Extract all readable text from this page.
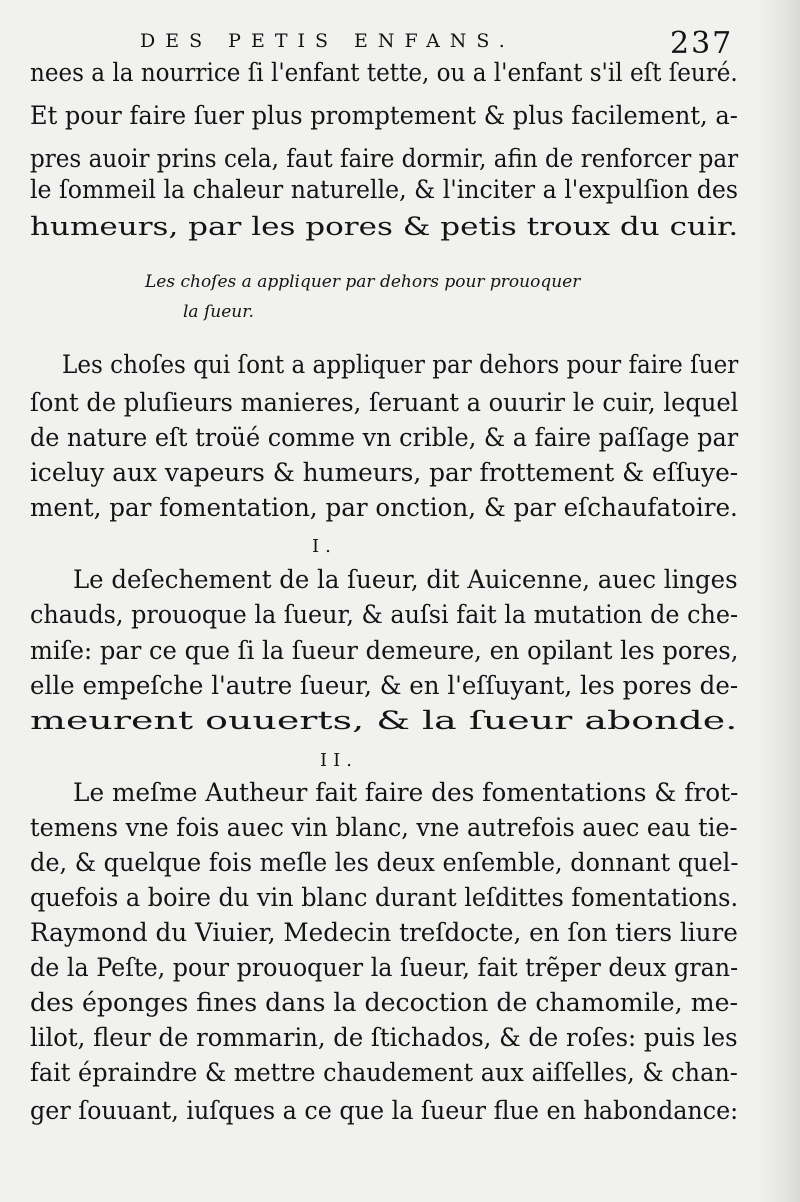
DES PETIS ENFANS.	237
nees a la nourrice ſi l'enfant tette, ou a l'enfant s'il eſt ſeuré.
Et pour faire ſuer plus promptement & plus facilement, a-
pres auoir prins cela, faut faire dormir, afin de renforcer par
le ſommeil la chaleur naturelle, & l'inciter a l'expulſion des
humeurs, par les pores & petis troux du cuir.
Les choſes a appliquer par dehors pour prouoquer
la ſueur.
Les choſes qui ſont a appliquer par dehors pour faire ſuer
ſont de pluſieurs manieres, ſeruant a ouurir le cuir, lequel
de nature eſt troüé comme vn crible, & a faire paſſage par
iceluy aux vapeurs & humeurs, par frottement & eſſuye-
ment, par fomentation, par onction, & par eſchaufatoire.
I.
Le deſechement de la ſueur, dit Auicenne, auec linges
chauds, prouoque la ſueur, & auſsi fait la mutation de che-
miſe: par ce que ſi la ſueur demeure, en opilant les pores,
elle empeſche l'autre ſueur, & en l'eſſuyant, les pores de-
meurent ouuerts, & la ſueur abonde.
II.
Le meſme Autheur fait faire des fomentations & frot-
temens vne fois auec vin blanc, vne autrefois auec eau tie-
de, & quelque fois meſle les deux enſemble, donnant quel-
quefois a boire du vin blanc durant leſdittes fomentations.
Raymond du Viuier, Medecin treſdocte, en ſon tiers liure
de la Peſte, pour prouoquer la ſueur, fait trẽper deux gran-
des éponges fines dans la decoction de chamomile, me-
lilot, fleur de rommarin, de ſtichados, & de roſes: puis les
fait épraindre & mettre chaudement aux aiſſelles, & chan-
ger ſouuant, iuſques a ce que la ſueur flue en habondance:
